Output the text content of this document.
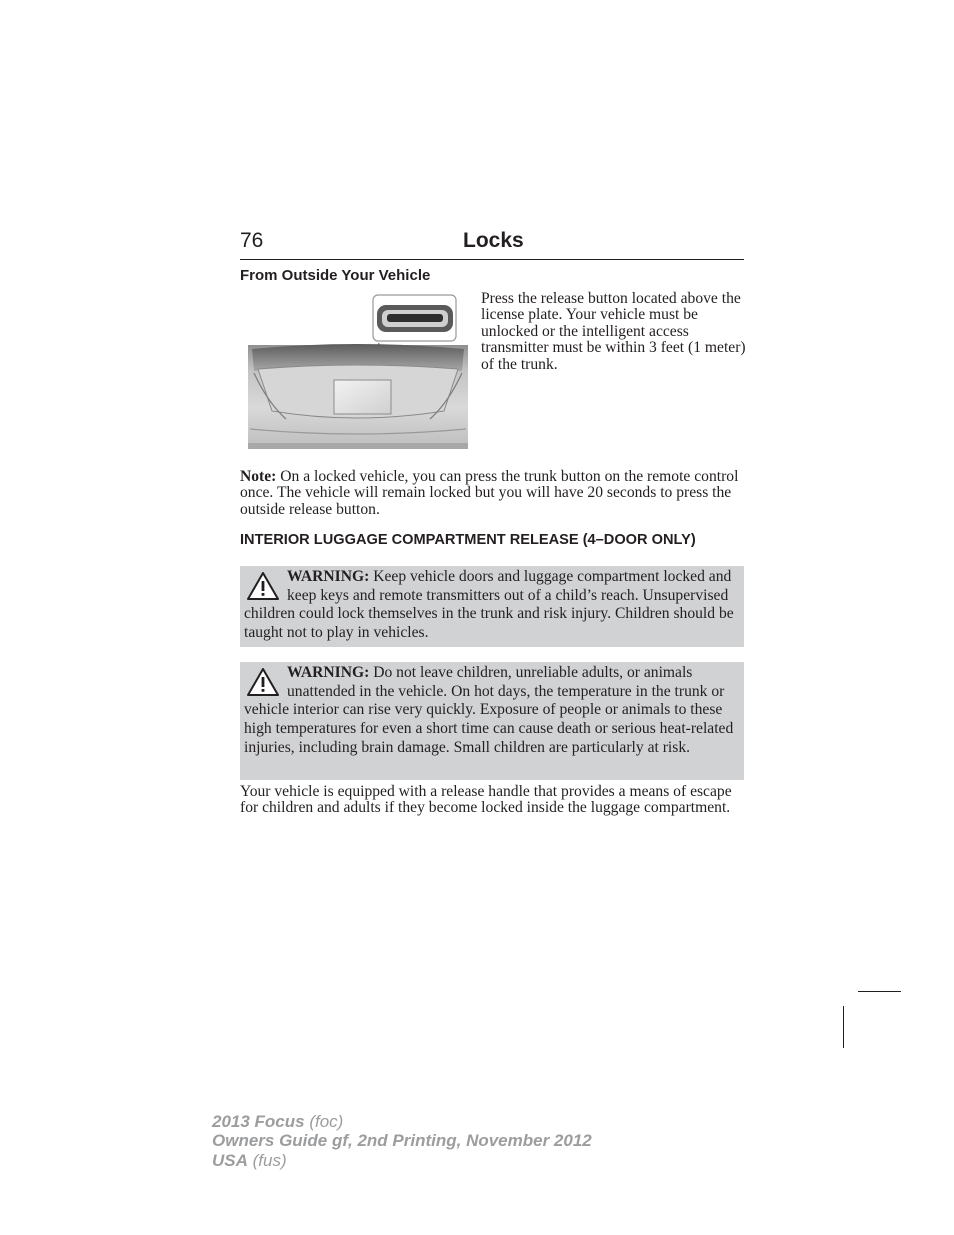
76	Locks
From Outside Your Vehicle
Press the release button located above the license plate. Your vehicle must be unlocked or the intelligent access transmitter must be within 3 feet (1 meter) of the trunk.
Note: On a locked vehicle, you can press the trunk button on the remote control once. The vehicle will remain locked but you will have 20 seconds to press the outside release button.
INTERIOR LUGGAGE COMPARTMENT RELEASE (4–DOOR ONLY)
WARNING: Keep vehicle doors and luggage compartment locked and keep keys and remote transmitters out of a child’s reach. Unsupervised children could lock themselves in the trunk and risk injury. Children should be taught not to play in vehicles.
WARNING: Do not leave children, unreliable adults, or animals unattended in the vehicle. On hot days, the temperature in the trunk or vehicle interior can rise very quickly. Exposure of people or animals to these high temperatures for even a short time can cause death or serious heat-related injuries, including brain damage. Small children are particularly at risk.
Your vehicle is equipped with a release handle that provides a means of escape for children and adults if they become locked inside the luggage compartment.
2013 Focus (foc)
Owners Guide gf, 2nd Printing, November 2012
USA (fus)
